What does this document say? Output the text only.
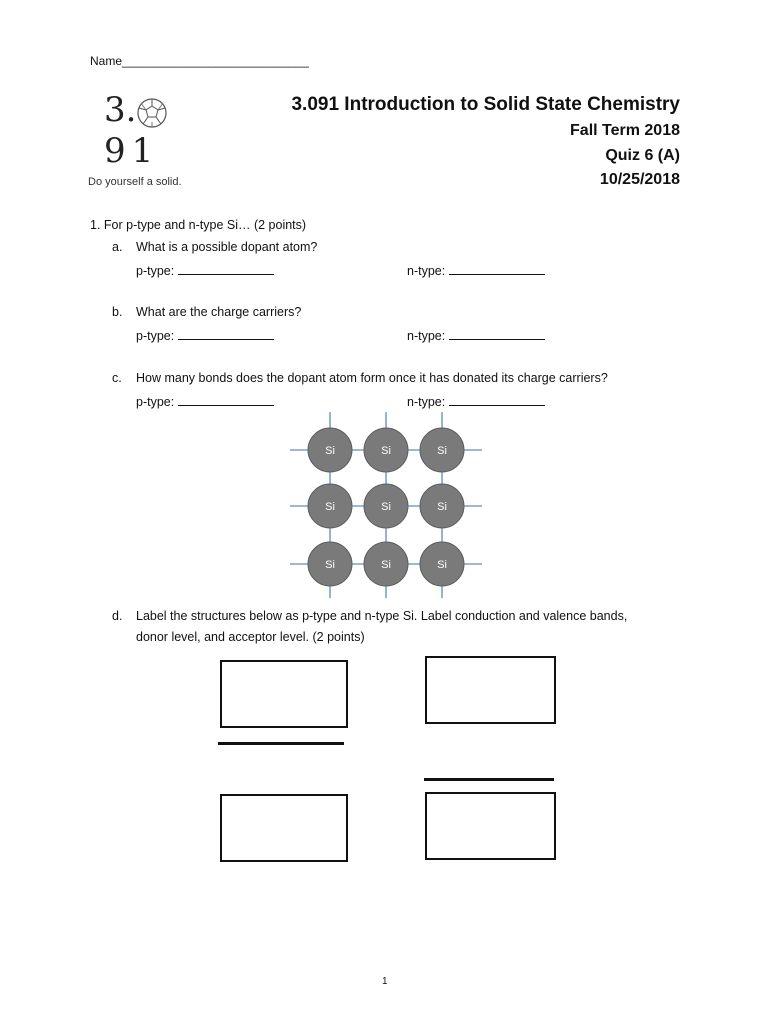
Name____________________________
3.
91
Do yourself a solid.
3.091 Introduction to Solid State Chemistry
Fall Term 2018
Quiz 6 (A)
10/25/2018
1. For p-type and n-type Si… (2 points)
a. What is a possible dopant atom?
p-type:	n-type:
b. What are the charge carriers?
p-type:	n-type:
c. How many bonds does the dopant atom form once it has donated its charge carriers?
p-type:	n-type:
Si	Si	Si
Si	Si	Si
Si	Si	Si
d. Label the structures below as p-type and n-type Si. Label conduction and valence bands,
donor level, and acceptor level. (2 points)
1
